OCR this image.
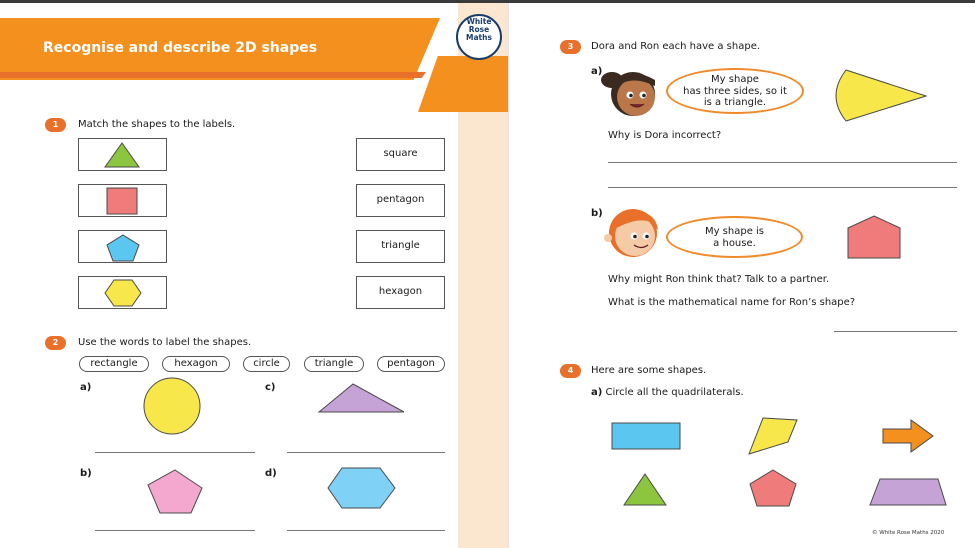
Recognise and describe 2D shapes
White
Rose
Maths
1	Match the shapes to the labels.
square
pentagon
triangle
hexagon
2	Use the words to label the shapes.
rectangle	hexagon	circle	triangle	pentagon
a)	c)
b)	d)
3	Dora and Ron each have a shape.
a)
My shape
has three sides, so it
is a triangle.
Why is Dora incorrect?
b)
My shape is
a house.
Why might Ron think that? Talk to a partner.
What is the mathematical name for Ron’s shape?
4	Here are some shapes.
a) Circle all the quadrilaterals.
© White Rose Maths 2020
